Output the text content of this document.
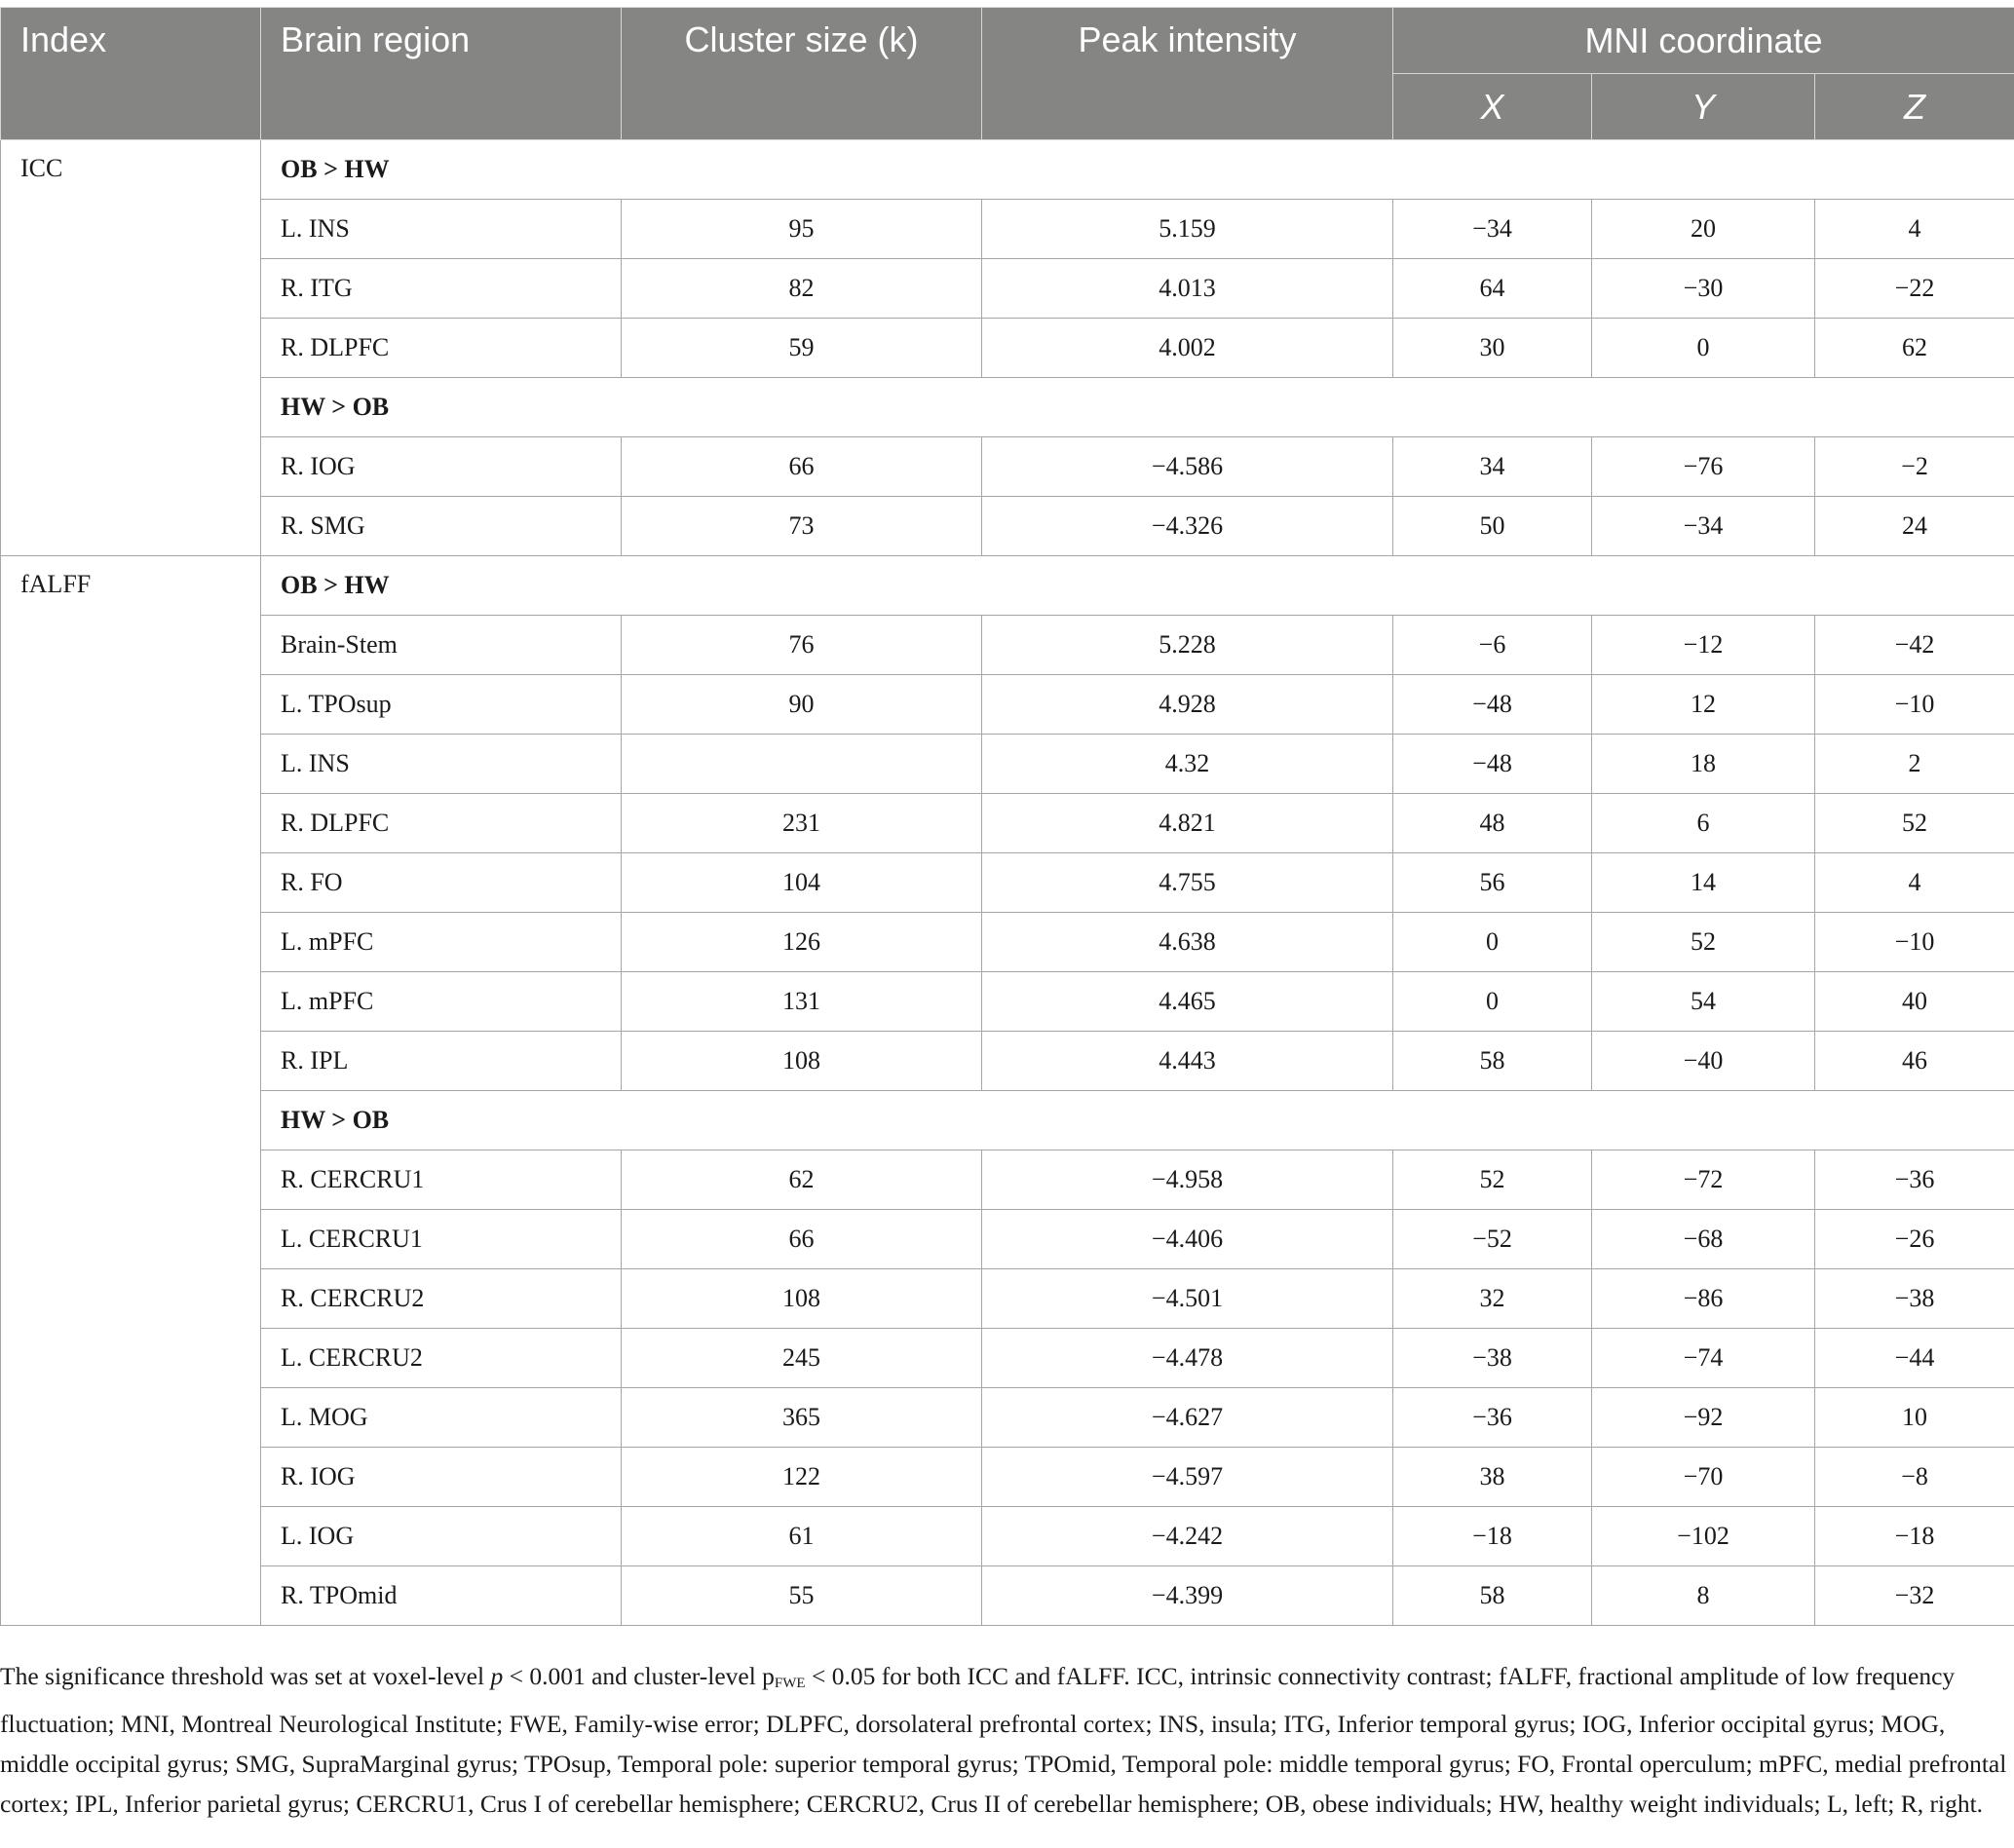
Index	Brain region	Cluster size (k)	Peak intensity	MNI coordinate		
				X	Y	Z
ICC	OB > HW					
	L. INS	95	5.159	−34	20	4
	R. ITG	82	4.013	64	−30	−22
	R. DLPFC	59	4.002	30	0	62
	HW > OB					
	R. IOG	66	−4.586	34	−76	−2
	R. SMG	73	−4.326	50	−34	24
fALFF	OB > HW					
	Brain-Stem	76	5.228	−6	−12	−42
	L. TPOsup	90	4.928	−48	12	−10
	L. INS		4.32	−48	18	2
	R. DLPFC	231	4.821	48	6	52
	R. FO	104	4.755	56	14	4
	L. mPFC	126	4.638	0	52	−10
	L. mPFC	131	4.465	0	54	40
	R. IPL	108	4.443	58	−40	46
	HW > OB					
	R. CERCRU1	62	−4.958	52	−72	−36
	L. CERCRU1	66	−4.406	−52	−68	−26
	R. CERCRU2	108	−4.501	32	−86	−38
	L. CERCRU2	245	−4.478	−38	−74	−44
	L. MOG	365	−4.627	−36	−92	10
	R. IOG	122	−4.597	38	−70	−8
	L. IOG	61	−4.242	−18	−102	−18
	R. TPOmid	55	−4.399	58	8	−32

The significance threshold was set at voxel-level p < 0.001 and cluster-level $p_{FWE} < 0.05$ for both ICC and fALFF. ICC, intrinsic connectivity contrast; fALFF, fractional amplitude of low frequency fluctuation; MNI, Montreal Neurological Institute; FWE, Family-wise error; DLPFC, dorsolateral prefrontal cortex; INS, insula; ITG, Inferior temporal gyrus; IOG, Inferior occipital gyrus; MOG, middle occipital gyrus; SMG, SupraMarginal gyrus; TPOsup, Temporal pole: superior temporal gyrus; TPOmid, Temporal pole: middle temporal gyrus; FO, Frontal operculum; mPFC, medial prefrontal cortex; IPL, Inferior parietal gyrus; CERCRU1, Crus I of cerebellar hemisphere; CERCRU2, Crus II of cerebellar hemisphere; OB, obese individuals; HW, healthy weight individuals; L, left; R, right.
